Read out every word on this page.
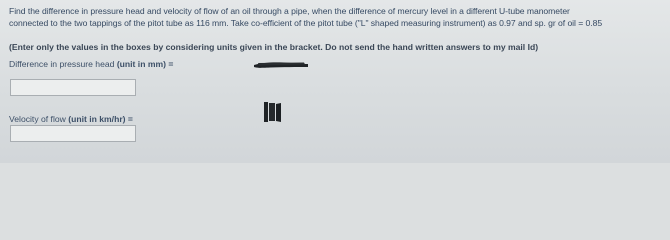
Find the difference in pressure head and velocity of flow of an oil through a pipe, when the difference of mercury level in a different U-tube manometer
connected to the two tappings of the pitot tube as 116 mm. Take co-efficient of the pitot tube ("L" shaped measuring instrument) as 0.97 and sp. gr of oil = 0.85
(Enter only the values in the boxes by considering units given in the bracket. Do not send the hand written answers to my mail Id)
Difference in pressure head (unit in mm) =
Velocity of flow (unit in km/hr) =
